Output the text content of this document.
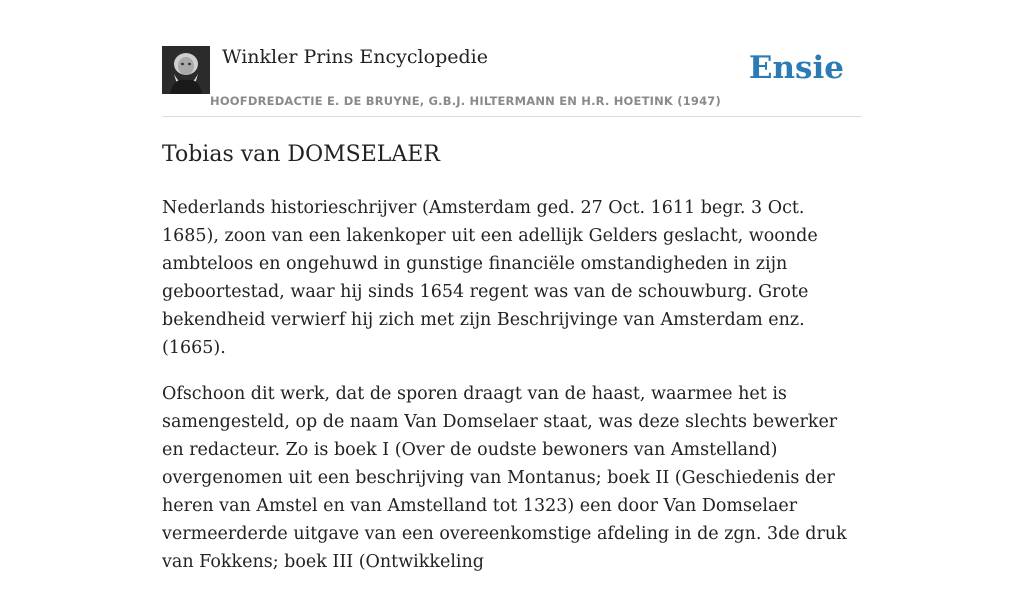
Winkler Prins Encyclopedie
HOOFDREDACTIE E. DE BRUYNE, G.B.J. HILTERMANN EN H.R. HOETINK (1947)
Ensie
Tobias van DOMSELAER

Nederlands historieschrijver (Amsterdam ged. 27 Oct. 1611 begr. 3 Oct. 1685), zoon van een lakenkoper uit een adellijk Gelders geslacht, woonde ambteloos en ongehuwd in gunstige financiële omstandigheden in zijn geboortestad, waar hij sinds 1654 regent was van de schouwburg. Grote bekendheid verwierf hij zich met zijn Beschrijvinge van Amsterdam enz. (1665).

Ofschoon dit werk, dat de sporen draagt van de haast, waarmee het is samengesteld, op de naam Van Domselaer staat, was deze slechts bewerker en redacteur. Zo is boek I (Over de oudste bewoners van Amstelland) overgenomen uit een beschrijving van Montanus; boek II (Geschiedenis der heren van Amstel en van Amstelland tot 1323) een door Van Domselaer vermeerderde uitgave van een overeenkomstige afdeling in de zgn. 3de druk van Fokkens; boek III (Ontwikkeling
